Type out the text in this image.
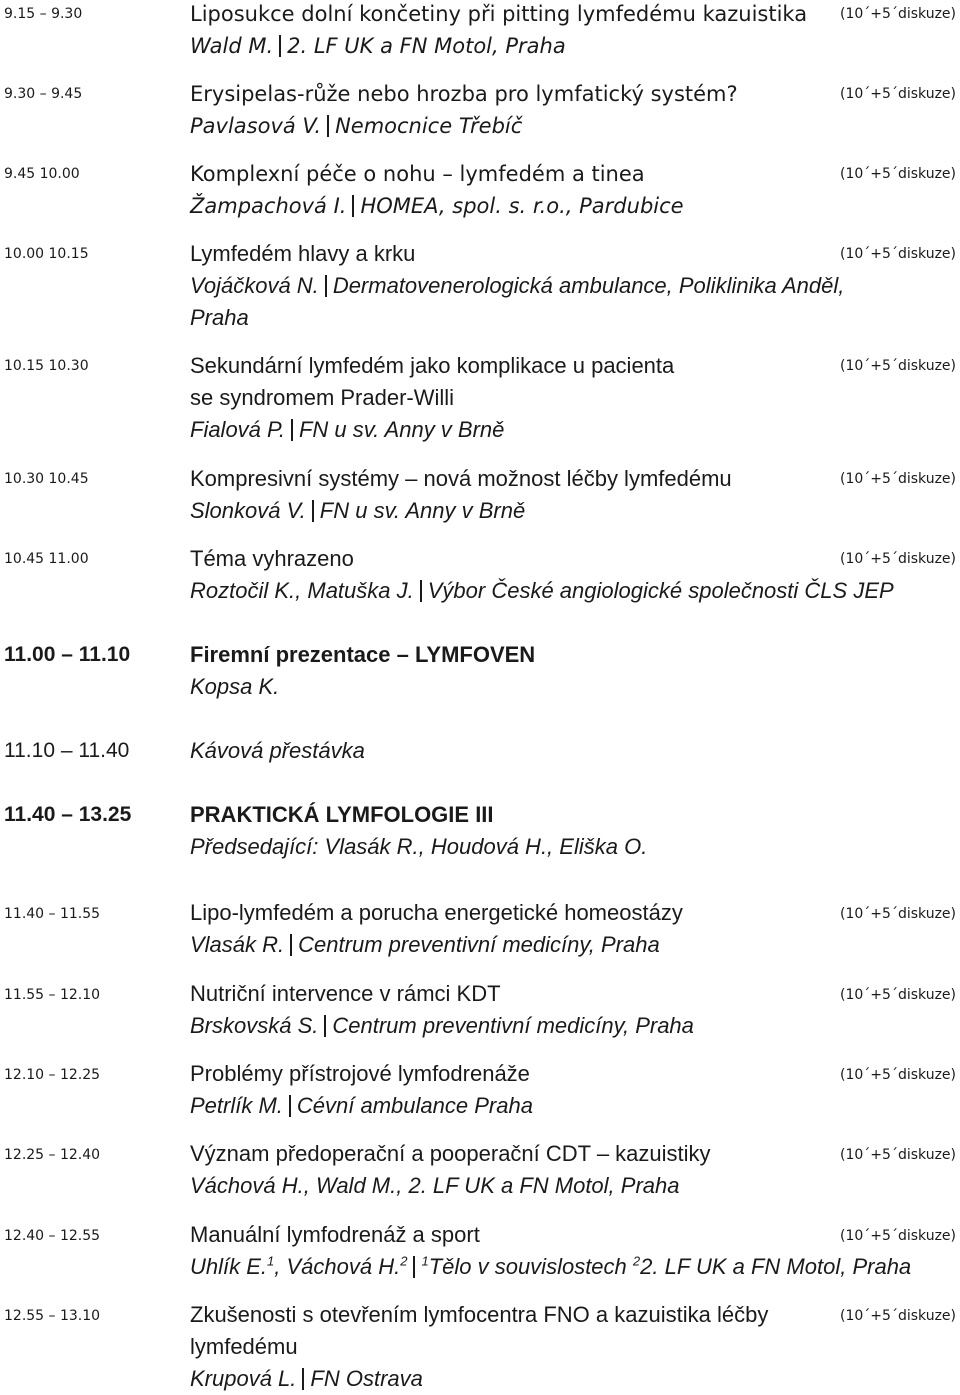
9.15 – 9.30	Liposukce dolní končetiny při pitting lymfedému kazuistika
Wald M. 2. LF UK a FN Motol, Praha
(10´+5´diskuze)
9.30 – 9.45	Erysipelas-růže nebo hrozba pro lymfatický systém?
Pavlasová V. Nemocnice Třebíč
(10´+5´diskuze)
9.45 10.00	Komplexní péče o nohu – lymfedém a tinea
Žampachová I. HOMEA, spol. s. r.o., Pardubice
(10´+5´diskuze)
10.00 10.15	Lymfedém hlavy a krku
Vojáčková N. Dermatovenerologická ambulance, Poliklinika Anděl,
Praha
(10´+5´diskuze)
10.15 10.30	Sekundární lymfedém jako komplikace u pacienta
se syndromem Prader-Willi
Fialová P. FN u sv. Anny v Brně
(10´+5´diskuze)
10.30 10.45	Kompresivní systémy – nová možnost léčby lymfedému
Slonková V. FN u sv. Anny v Brně
(10´+5´diskuze)
10.45 11.00	Téma vyhrazeno
Roztočil K., Matuška J. Výbor České angiologické společnosti ČLS JEP
(10´+5´diskuze)
11.00 – 11.10	Firemní prezentace – LYMFOVEN
Kopsa K.
11.10 – 11.40	Kávová přestávka
11.40 – 13.25	PRAKTICKÁ LYMFOLOGIE III
Předsedající: Vlasák R., Houdová H., Eliška O.
11.40 – 11.55	Lipo-lymfedém a porucha energetické homeostázy
Vlasák R. Centrum preventivní medicíny, Praha
(10´+5´diskuze)
11.55 – 12.10	Nutriční intervence v rámci KDT
Brskovská S. Centrum preventivní medicíny, Praha
(10´+5´diskuze)
12.10 – 12.25	Problémy přístrojové lymfodrenáže
Petrlík M. Cévní ambulance Praha
(10´+5´diskuze)
12.25 – 12.40	Význam předoperační a pooperační CDT – kazuistiky
Váchová H., Wald M., 2. LF UK a FN Motol, Praha
(10´+5´diskuze)
12.40 – 12.55	Manuální lymfodrenáž a sport
Uhlík E.$^1$, Váchová H.$^2$ $^1$Tělo v souvislostech $^2$2. LF UK a FN Motol, Praha
(10´+5´diskuze)
12.55 – 13.10	Zkušenosti s otevřením lymfocentra FNO a kazuistika léčby
lymfedému
Krupová L. FN Ostrava
(10´+5´diskuze)
